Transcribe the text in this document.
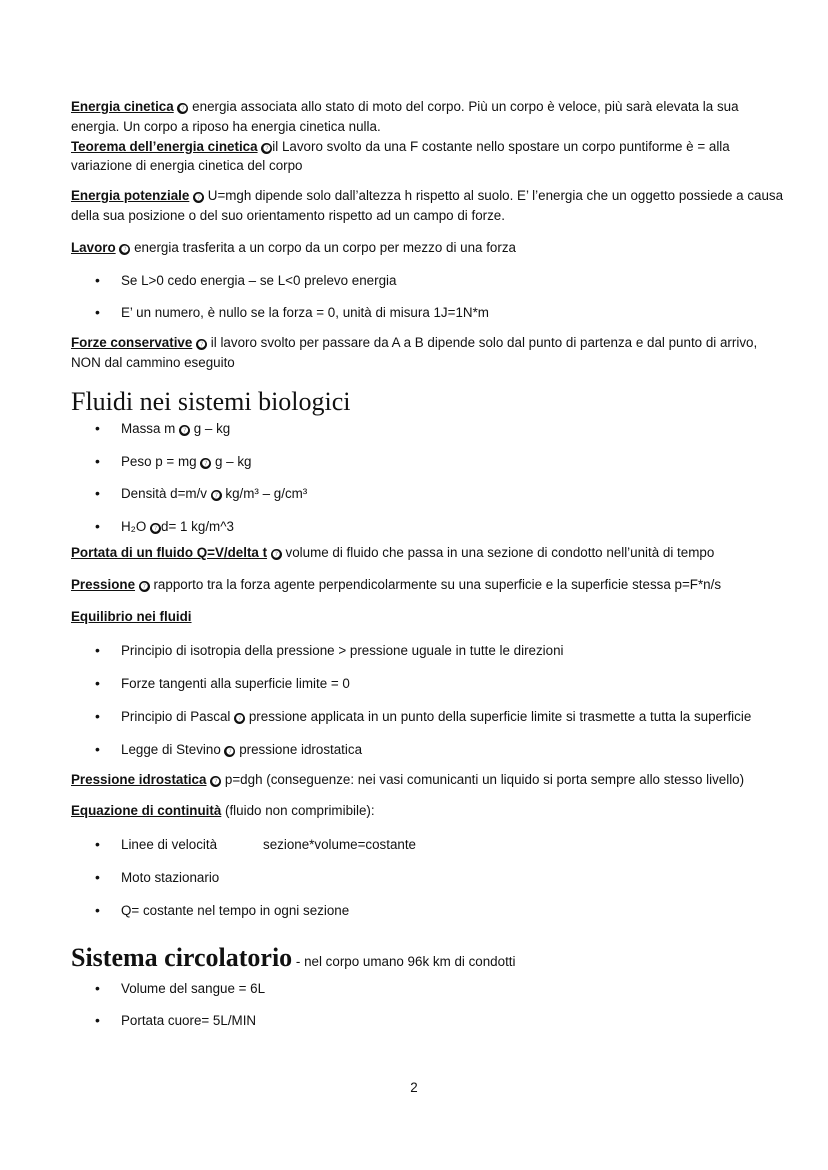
Energia cinetica ➐ energia associata allo stato di moto del corpo. Più un corpo è veloce, più sarà elevata la sua energia. Un corpo a riposo ha energia cinetica nulla.

Teorema dell’energia cinetica ➐ il Lavoro svolto da una F costante nello spostare un corpo puntiforme è = alla variazione di energia cinetica del corpo

Energia potenziale ➐ U=mgh dipende solo dall’altezza h rispetto al suolo. E’ l’energia che un oggetto possiede a causa della sua posizione o del suo orientamento rispetto ad un campo di forze.

Lavoro ➐ energia trasferita a un corpo da un corpo per mezzo di una forza

• Se L>0 cedo energia – se L<0 prelevo energia
• E’ un numero, è nullo se la forza = 0, unità di misura 1J=1N*m

Forze conservative ➐ il lavoro svolto per passare da A a B dipende solo dal punto di partenza e dal punto di arrivo, NON dal cammino eseguito

Fluidi nei sistemi biologici
• Massa m ➐ g – kg
• Peso p = mg ➐ g – kg
• Densità d=m/v ➐ kg/m³ – g/cm³
• H₂O ➐ d= 1 kg/m^3

Portata di un fluido Q=V/delta t ➐ volume di fluido che passa in una sezione di condotto nell’unità di tempo

Pressione ➐ rapporto tra la forza agente perpendicolarmente su una superficie e la superficie stessa p=F*n/s

Equilibrio nei fluidi

• Principio di isotropia della pressione > pressione uguale in tutte le direzioni
• Forze tangenti alla superficie limite = 0
• Principio di Pascal ➐ pressione applicata in un punto della superficie limite si trasmette a tutta la superficie
• Legge di Stevino ➐ pressione idrostatica

Pressione idrostatica ➐ p=dgh (conseguenze: nei vasi comunicanti un liquido si porta sempre allo stesso livello)

Equazione di continuità (fluido non comprimibile):

• Linee di velocità	sezione*volume=costante
• Moto stazionario
• Q= costante nel tempo in ogni sezione
Sistema circolatorio - nel corpo umano 96k km di condotti
• Volume del sangue = 6L
• Portata cuore= 5L/MIN
2
